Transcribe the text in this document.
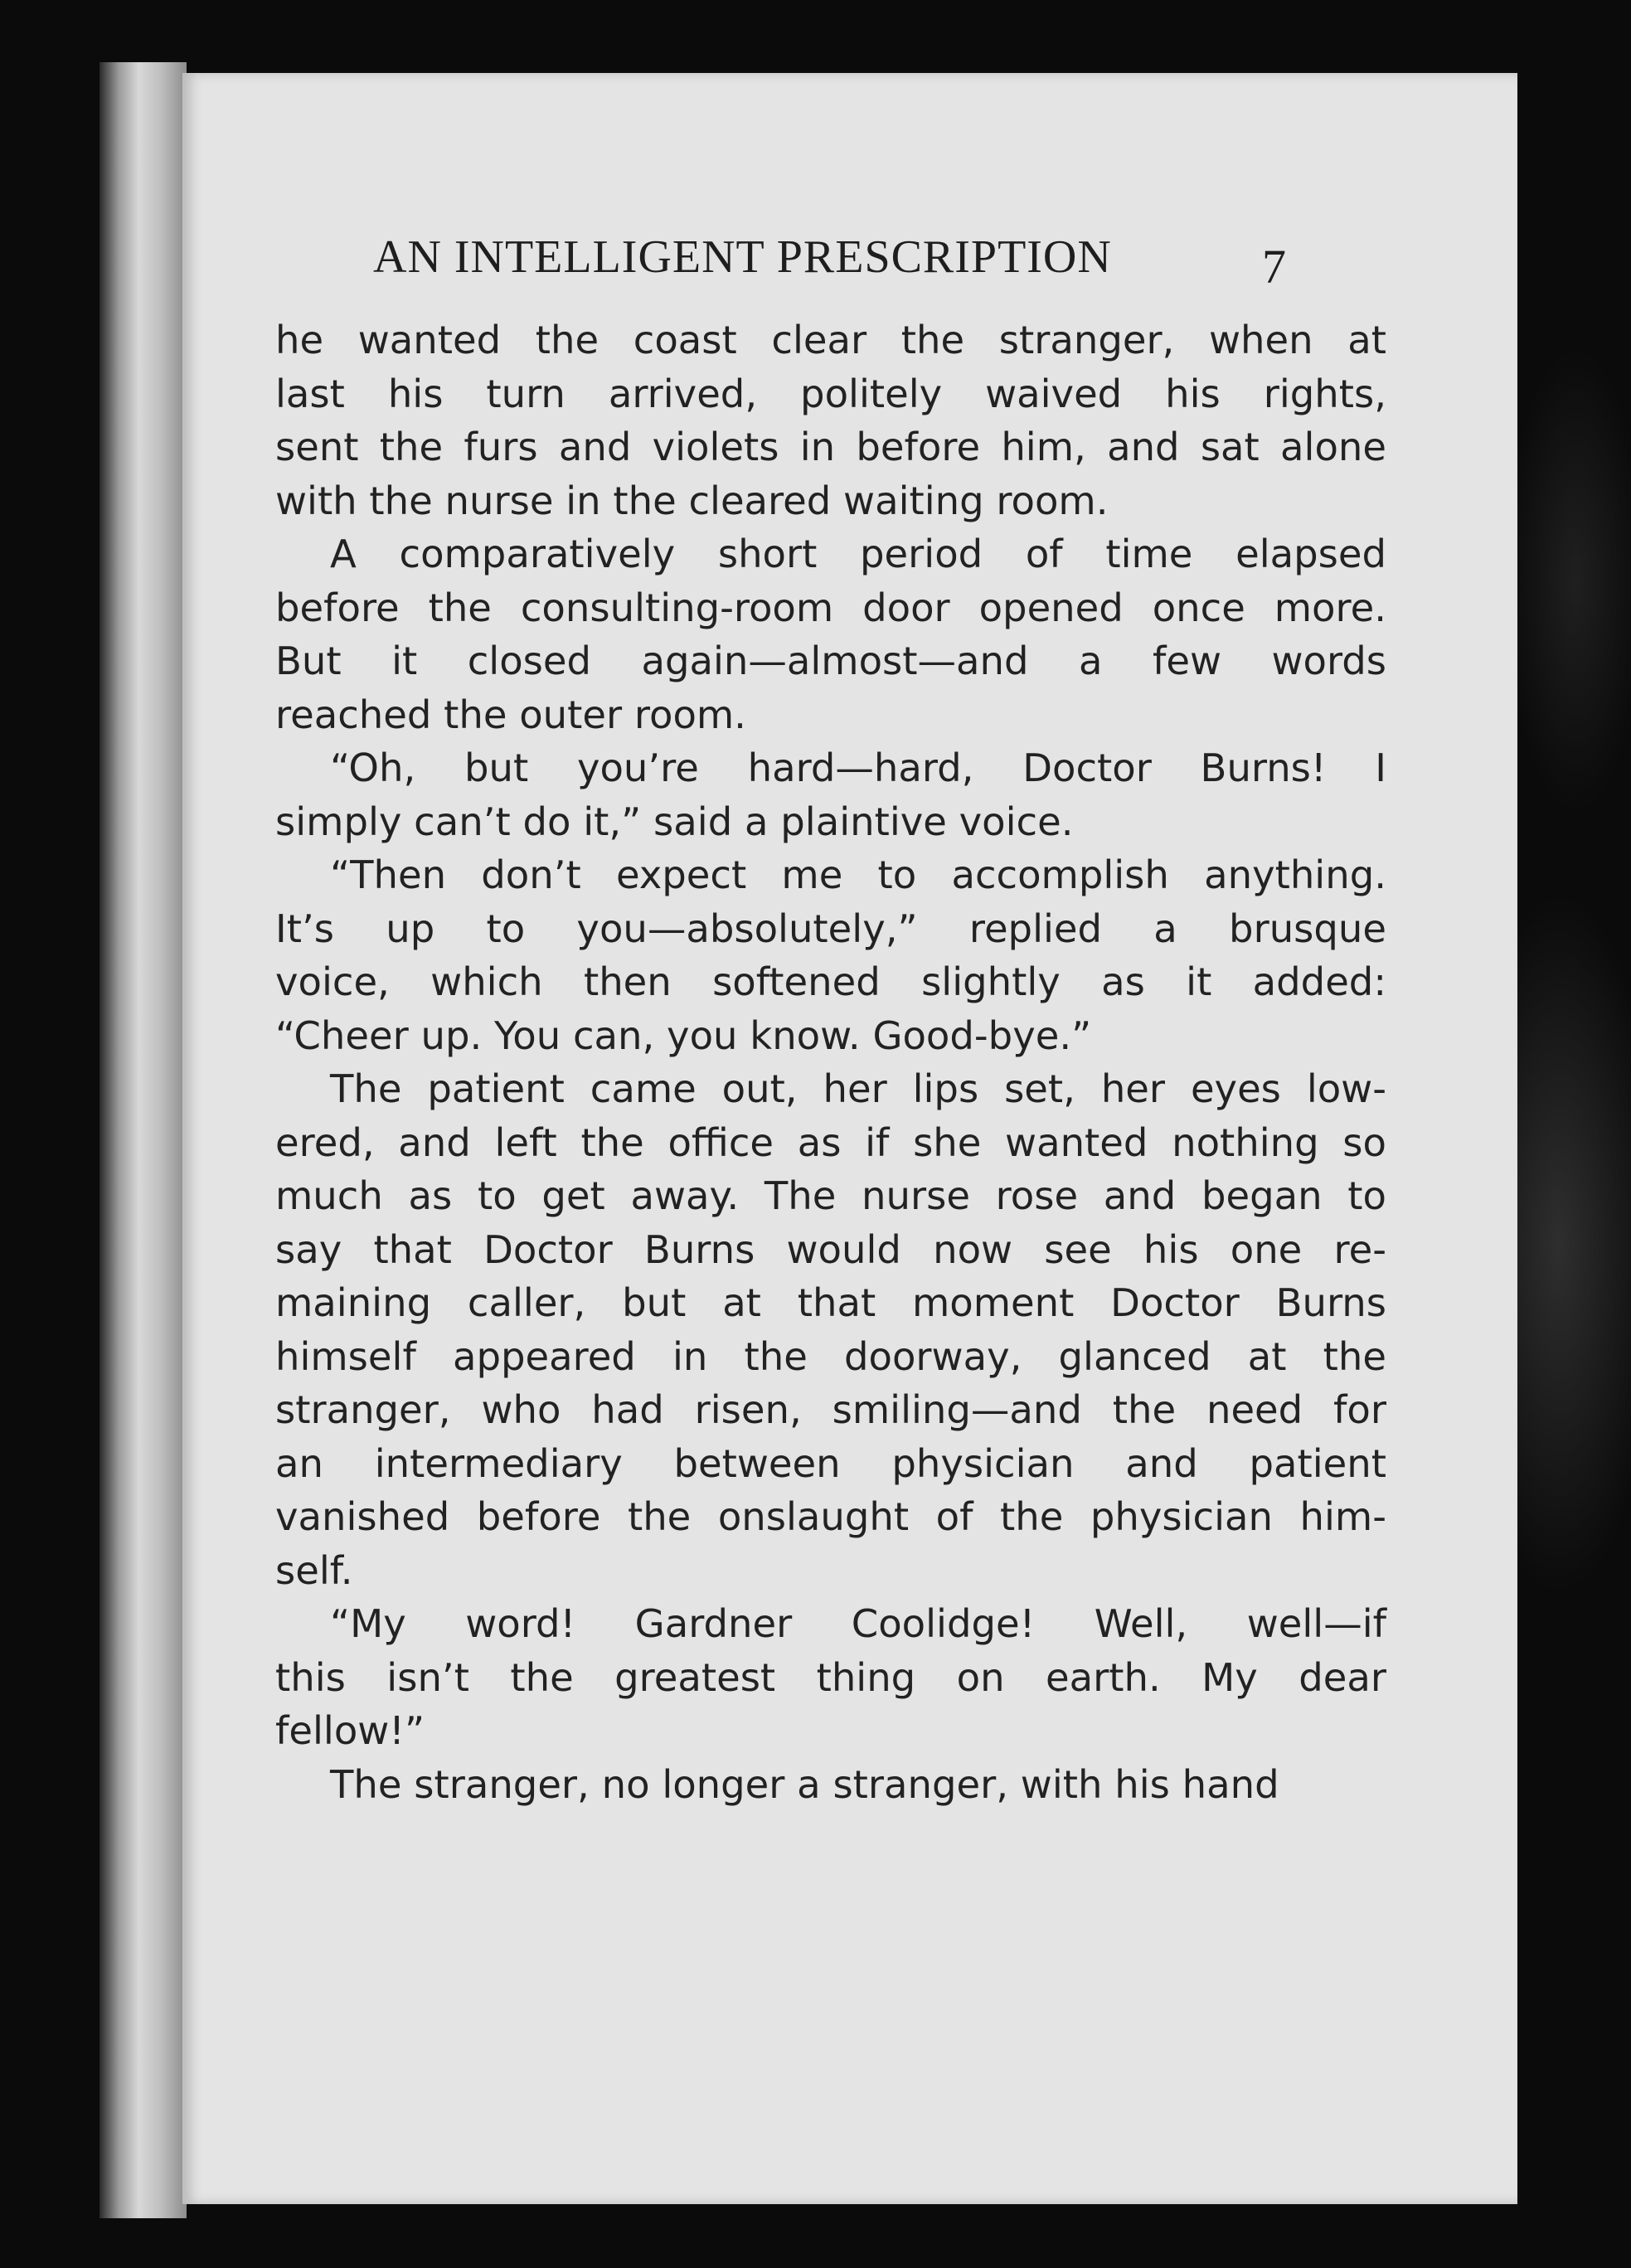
AN INTELLIGENT PRESCRIPTION	7

he wanted the coast clear the stranger, when at

last his turn arrived, politely waived his rights,

sent the furs and violets in before him, and sat alone

with the nurse in the cleared waiting room.

A comparatively short period of time elapsed

before the consulting-room door opened once more.

But it closed again—almost—and a few words

reached the outer room.

“Oh, but you’re hard—hard, Doctor Burns! I

simply can’t do it,” said a plaintive voice.

“Then don’t expect me to accomplish anything.

It’s up to you—absolutely,” replied a brusque

voice, which then softened slightly as it added:

“Cheer up. You can, you know. Good-bye.”

The patient came out, her lips set, her eyes low-

ered, and left the office as if she wanted nothing so

much as to get away. The nurse rose and began to

say that Doctor Burns would now see his one re-

maining caller, but at that moment Doctor Burns

himself appeared in the doorway, glanced at the

stranger, who had risen, smiling—and the need for

an intermediary between physician and patient

vanished before the onslaught of the physician him-

self.

“My word! Gardner Coolidge! Well, well—if

this isn’t the greatest thing on earth. My dear

fellow!”

The stranger, no longer a stranger, with his hand
